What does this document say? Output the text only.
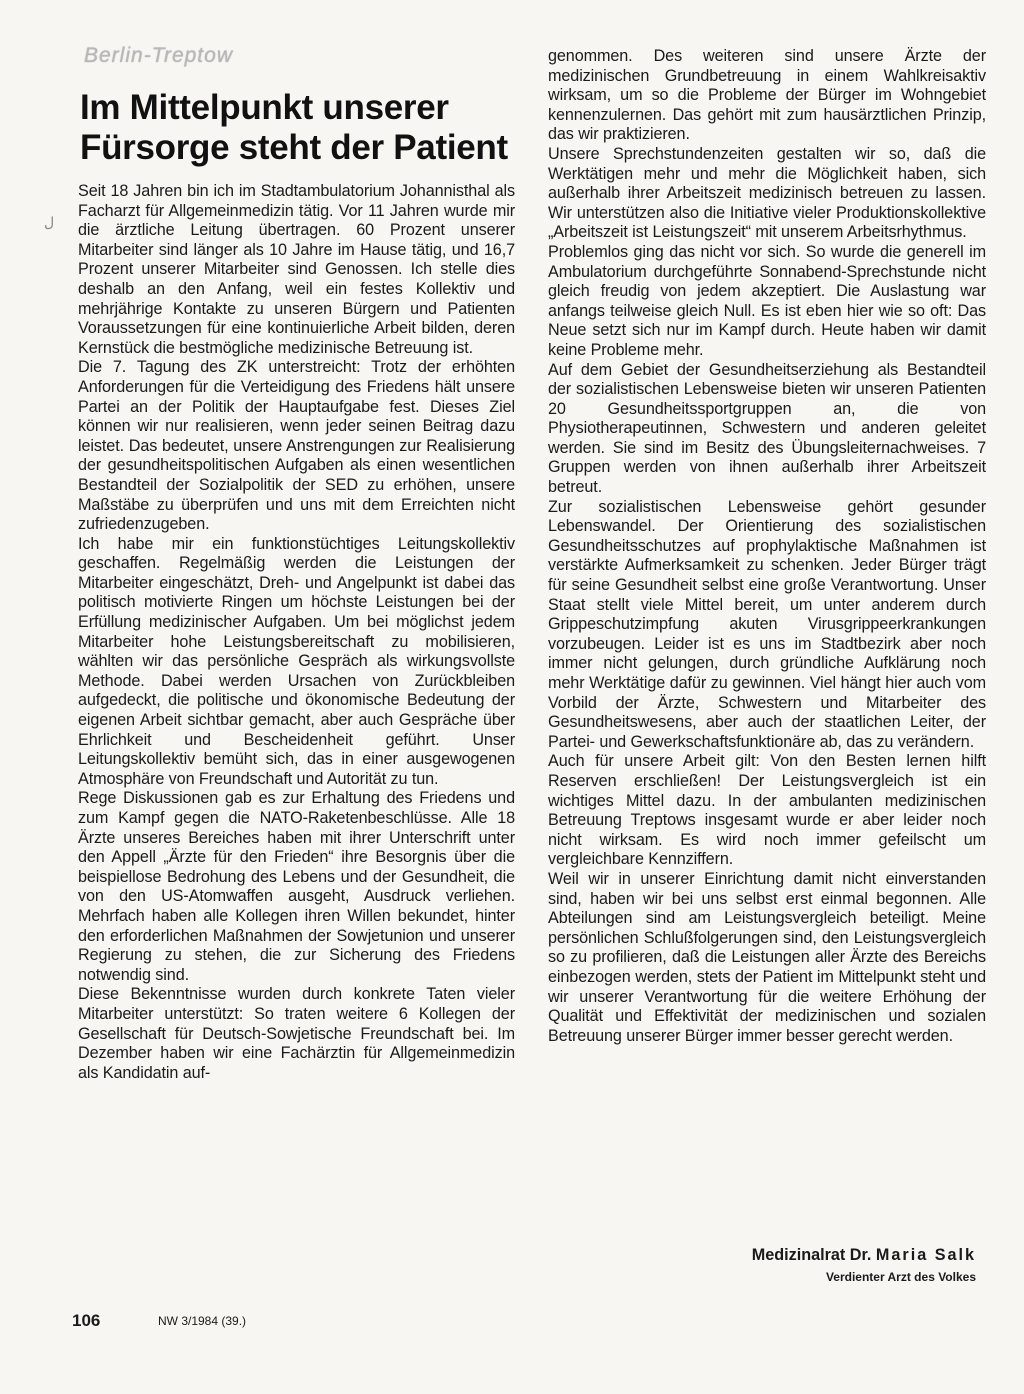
Berlin-Treptow
Im Mittelpunkt unserer Fürsorge steht der Patient
ل

Seit 18 Jahren bin ich im Stadtambulatorium Johannisthal als Facharzt für Allgemeinmedizin tätig. Vor 11 Jahren wurde mir die ärztliche Leitung übertragen. 60 Prozent unserer Mitarbeiter sind länger als 10 Jahre im Hause tätig, und 16,7 Prozent unserer Mitarbeiter sind Genossen. Ich stelle dies deshalb an den Anfang, weil ein festes Kollektiv und mehrjährige Kontakte zu unseren Bürgern und Patienten Voraussetzungen für eine kontinuierliche Arbeit bilden, deren Kernstück die bestmögliche medizinische Betreuung ist.

Die 7. Tagung des ZK unterstreicht: Trotz der erhöhten Anforderungen für die Verteidigung des Friedens hält unsere Partei an der Politik der Hauptaufgabe fest. Dieses Ziel können wir nur realisieren, wenn jeder seinen Beitrag dazu leistet. Das bedeutet, unsere Anstrengungen zur Realisierung der gesundheitspolitischen Aufgaben als einen wesentlichen Bestandteil der Sozialpolitik der SED zu erhöhen, unsere Maßstäbe zu überprüfen und uns mit dem Erreichten nicht zufriedenzugeben.

Ich habe mir ein funktionstüchtiges Leitungskollektiv geschaffen. Regelmäßig werden die Leistungen der Mitarbeiter eingeschätzt, Dreh- und Angelpunkt ist dabei das politisch motivierte Ringen um höchste Leistungen bei der Erfüllung medizinischer Aufgaben. Um bei möglichst jedem Mitarbeiter hohe Leistungsbereitschaft zu mobilisieren, wählten wir das persönliche Gespräch als wirkungsvollste Methode. Dabei werden Ursachen von Zurückbleiben aufgedeckt, die politische und ökonomische Bedeutung der eigenen Arbeit sichtbar gemacht, aber auch Gespräche über Ehrlichkeit und Bescheidenheit geführt. Unser Leitungskollektiv bemüht sich, das in einer ausgewogenen Atmosphäre von Freundschaft und Autorität zu tun.

Rege Diskussionen gab es zur Erhaltung des Friedens und zum Kampf gegen die NATO-Raketenbeschlüsse. Alle 18 Ärzte unseres Bereiches haben mit ihrer Unterschrift unter den Appell „Ärzte für den Frieden“ ihre Besorgnis über die beispiellose Bedrohung des Lebens und der Gesundheit, die von den US-Atomwaffen ausgeht, Ausdruck verliehen. Mehrfach haben alle Kollegen ihren Willen bekundet, hinter den erforderlichen Maßnahmen der Sowjetunion und unserer Regierung zu stehen, die zur Sicherung des Friedens notwendig sind.

Diese Bekenntnisse wurden durch konkrete Taten vieler Mitarbeiter unterstützt: So traten weitere 6 Kollegen der Gesellschaft für Deutsch-Sowjetische Freundschaft bei. Im Dezember haben wir eine Fachärztin für Allgemeinmedizin als Kandidatin auf-

genommen. Des weiteren sind unsere Ärzte der medizinischen Grundbetreuung in einem Wahlkreisaktiv wirksam, um so die Probleme der Bürger im Wohngebiet kennenzulernen. Das gehört mit zum hausärztlichen Prinzip, das wir praktizieren.

Unsere Sprechstundenzeiten gestalten wir so, daß die Werktätigen mehr und mehr die Möglichkeit haben, sich außerhalb ihrer Arbeitszeit medizinisch betreuen zu lassen. Wir unterstützen also die Initiative vieler Produktionskollektive „Arbeitszeit ist Leistungszeit“ mit unserem Arbeitsrhythmus.

Problemlos ging das nicht vor sich. So wurde die generell im Ambulatorium durchgeführte Sonnabend-Sprechstunde nicht gleich freudig von jedem akzeptiert. Die Auslastung war anfangs teilweise gleich Null. Es ist eben hier wie so oft: Das Neue setzt sich nur im Kampf durch. Heute haben wir damit keine Probleme mehr.

Auf dem Gebiet der Gesundheitserziehung als Bestandteil der sozialistischen Lebensweise bieten wir unseren Patienten 20 Gesundheitssportgruppen an, die von Physiotherapeutinnen, Schwestern und anderen geleitet werden. Sie sind im Besitz des Übungsleiternachweises. 7 Gruppen werden von ihnen außerhalb ihrer Arbeitszeit betreut.

Zur sozialistischen Lebensweise gehört gesunder Lebenswandel. Der Orientierung des sozialistischen Gesundheitsschutzes auf prophylaktische Maßnahmen ist verstärkte Aufmerksamkeit zu schenken. Jeder Bürger trägt für seine Gesundheit selbst eine große Verantwortung. Unser Staat stellt viele Mittel bereit, um unter anderem durch Grippeschutzimpfung akuten Virusgrippeerkrankungen vorzubeugen. Leider ist es uns im Stadtbezirk aber noch immer nicht gelungen, durch gründliche Aufklärung noch mehr Werktätige dafür zu gewinnen. Viel hängt hier auch vom Vorbild der Ärzte, Schwestern und Mitarbeiter des Gesundheitswesens, aber auch der staatlichen Leiter, der Partei- und Gewerkschaftsfunktionäre ab, das zu verändern.

Auch für unsere Arbeit gilt: Von den Besten lernen hilft Reserven erschließen! Der Leistungsvergleich ist ein wichtiges Mittel dazu. In der ambulanten medizinischen Betreuung Treptows insgesamt wurde er aber leider noch nicht wirksam. Es wird noch immer gefeilscht um vergleichbare Kennziffern.

Weil wir in unserer Einrichtung damit nicht einverstanden sind, haben wir bei uns selbst erst einmal begonnen. Alle Abteilungen sind am Leistungsvergleich beteiligt. Meine persönlichen Schlußfolgerungen sind, den Leistungsvergleich so zu profilieren, daß die Leistungen aller Ärzte des Bereichs einbezogen werden, stets der Patient im Mittelpunkt steht und wir unserer Verantwortung für die weitere Erhöhung der Qualität und Effektivität der medizinischen und sozialen Betreuung unserer Bürger immer besser gerecht werden.

Medizinalrat Dr. Maria Salk
Verdienter Arzt des Volkes
106	NW 3/1984 (39.)
